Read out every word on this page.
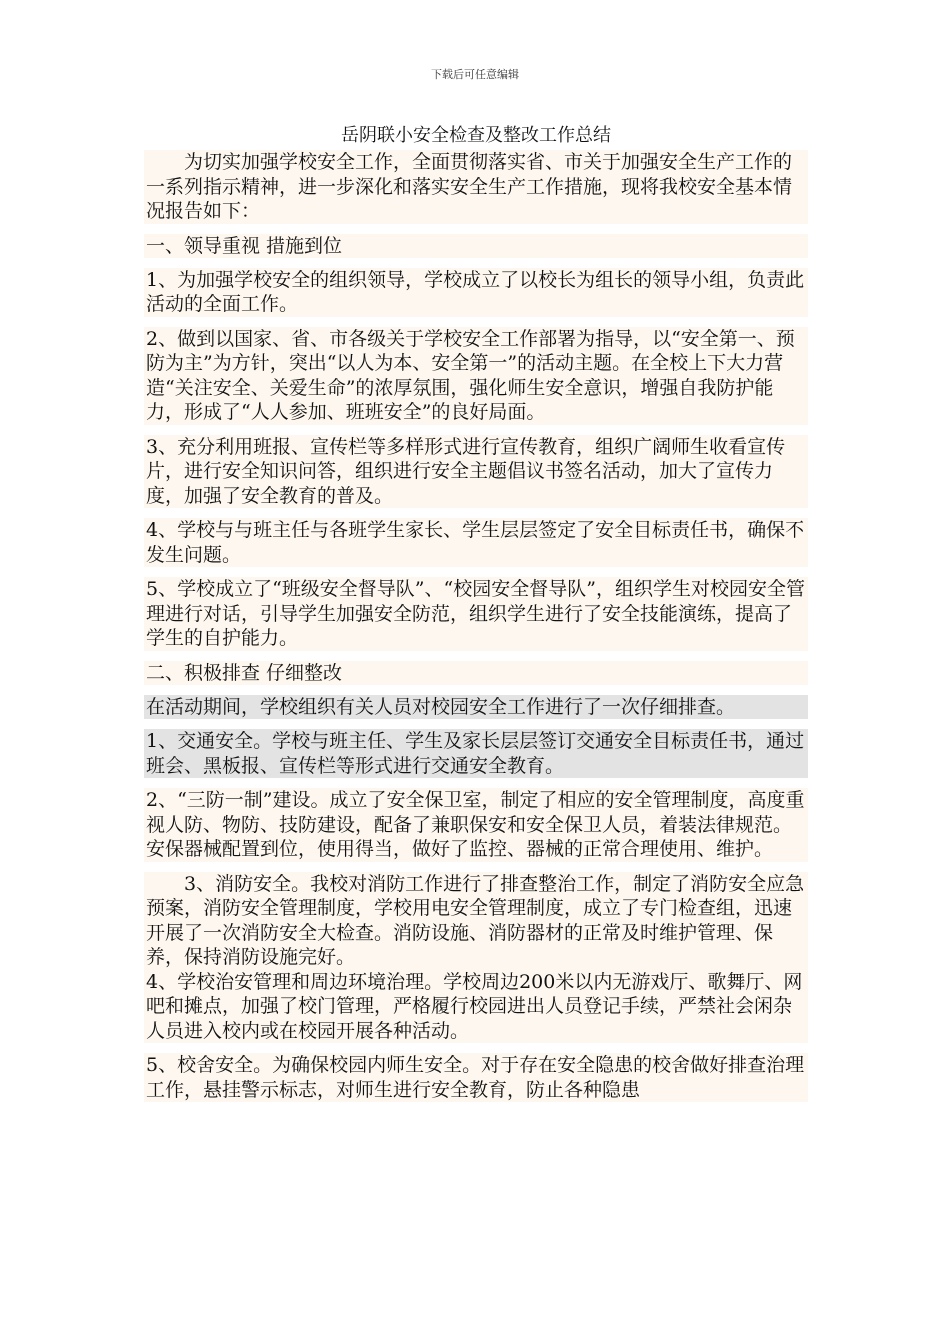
下载后可任意编辑
岳阴联小安全检查及整改工作总结

为切实加强学校安全工作，全面贯彻落实省、市关于加强安全生产工作的一系列指示精神，进一步深化和落实安全生产工作措施，现将我校安全基本情况报告如下：

一、领导重视 措施到位

1、为加强学校安全的组织领导，学校成立了以校长为组长的领导小组，负责此活动的全面工作。

2、做到以国家、省、市各级关于学校安全工作部署为指导，以“安全第一、预防为主”为方针，突出“以人为本、安全第一”的活动主题。在全校上下大力营造“关注安全、关爱生命”的浓厚氛围，强化师生安全意识，增强自我防护能力，形成了“人人参加、班班安全”的良好局面。

3、充分利用班报、宣传栏等多样形式进行宣传教育，组织广阔师生收看宣传片，进行安全知识问答，组织进行安全主题倡议书签名活动，加大了宣传力度，加强了安全教育的普及。

4、学校与与班主任与各班学生家长、学生层层签定了安全目标责任书，确保不发生问题。

5、学校成立了“班级安全督导队”、“校园安全督导队”，组织学生对校园安全管理进行对话，引导学生加强安全防范，组织学生进行了安全技能演练，提高了学生的自护能力。

二、积极排查 仔细整改

在活动期间，学校组织有关人员对校园安全工作进行了一次仔细排查。

1、交通安全。学校与班主任、学生及家长层层签订交通安全目标责任书，通过班会、黑板报、宣传栏等形式进行交通安全教育。

2、“三防一制”建设。成立了安全保卫室，制定了相应的安全管理制度，高度重视人防、物防、技防建设，配备了兼职保安和安全保卫人员，着装法律规范。安保器械配置到位，使用得当，做好了监控、器械的正常合理使用、维护。

3、消防安全。我校对消防工作进行了排查整治工作，制定了消防安全应急预案，消防安全管理制度，学校用电安全管理制度，成立了专门检查组，迅速开展了一次消防安全大检查。消防设施、消防器材的正常及时维护管理、保养，保持消防设施完好。

4、学校治安管理和周边环境治理。学校周边200米以内无游戏厅、歌舞厅、网吧和摊点，加强了校门管理，严格履行校园进出人员登记手续，严禁社会闲杂人员进入校内或在校园开展各种活动。

5、校舍安全。为确保校园内师生安全。对于存在安全隐患的校舍做好排查治理工作，悬挂警示标志，对师生进行安全教育，防止各种隐患
